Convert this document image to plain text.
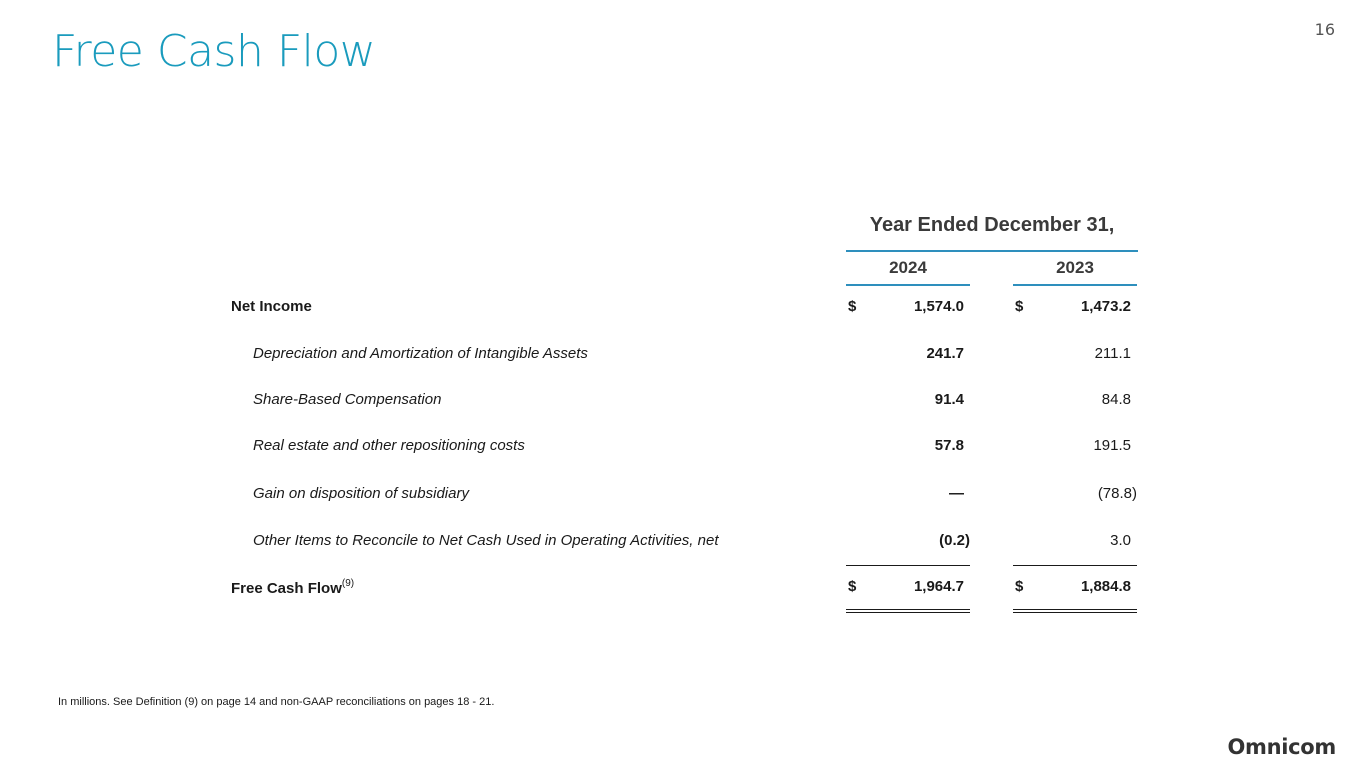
Free Cash Flow	16
Year Ended December 31,
2024	2023
Net Income	$	1,574.0	$	1,473.2
Depreciation and Amortization of Intangible Assets	241.7	211.1
Share-Based Compensation	91.4	84.8
Real estate and other repositioning costs	57.8	191.5
Gain on disposition of subsidiary	—	(78.8)
Other Items to Reconcile to Net Cash Used in Operating Activities, net	(0.2)	3.0
Free Cash Flow$^{(9)}$	$	1,964.7	$	1,884.8
In millions. See Definition (9) on page 14 and non-GAAP reconciliations on pages 18 - 21.
Omnicom
